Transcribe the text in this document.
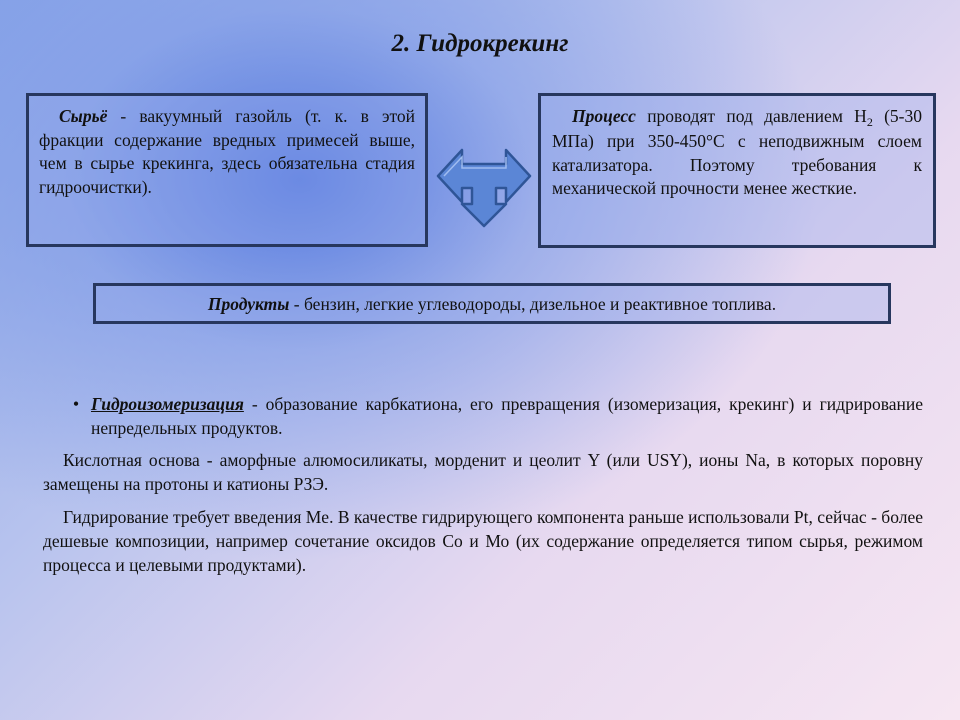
2. Гидрокрекинг
Сырьё - вакуумный газойль (т. к. в этой фракции содержание вредных примесей выше, чем в сырье крекинга, здесь обязательна стадия гидроочистки).
Процесс проводят под давлением $H_2$ (5-30 МПа) при 350-450°С с неподвижным слоем катализатора. Поэтому требования к механической прочности менее жесткие.
Продукты - бензин, легкие углеводороды, дизельное и реактивное топлива.
• Гидроизомеризация - образование карбкатиона, его превращения (изомеризация, крекинг) и гидрирование непредельных продуктов.
Кислотная основа - аморфные алюмосиликаты, морденит и цеолит Y (или USY), ионы Na, в которых поровну замещены на протоны и катионы РЗЭ.
Гидрирование требует введения Me. В качестве гидрирующего компонента раньше использовали Pt, сейчас - более дешевые композиции, например сочетание оксидов Со и Мо (их содержание определяется типом сырья, режимом процесса и целевыми продуктами).
